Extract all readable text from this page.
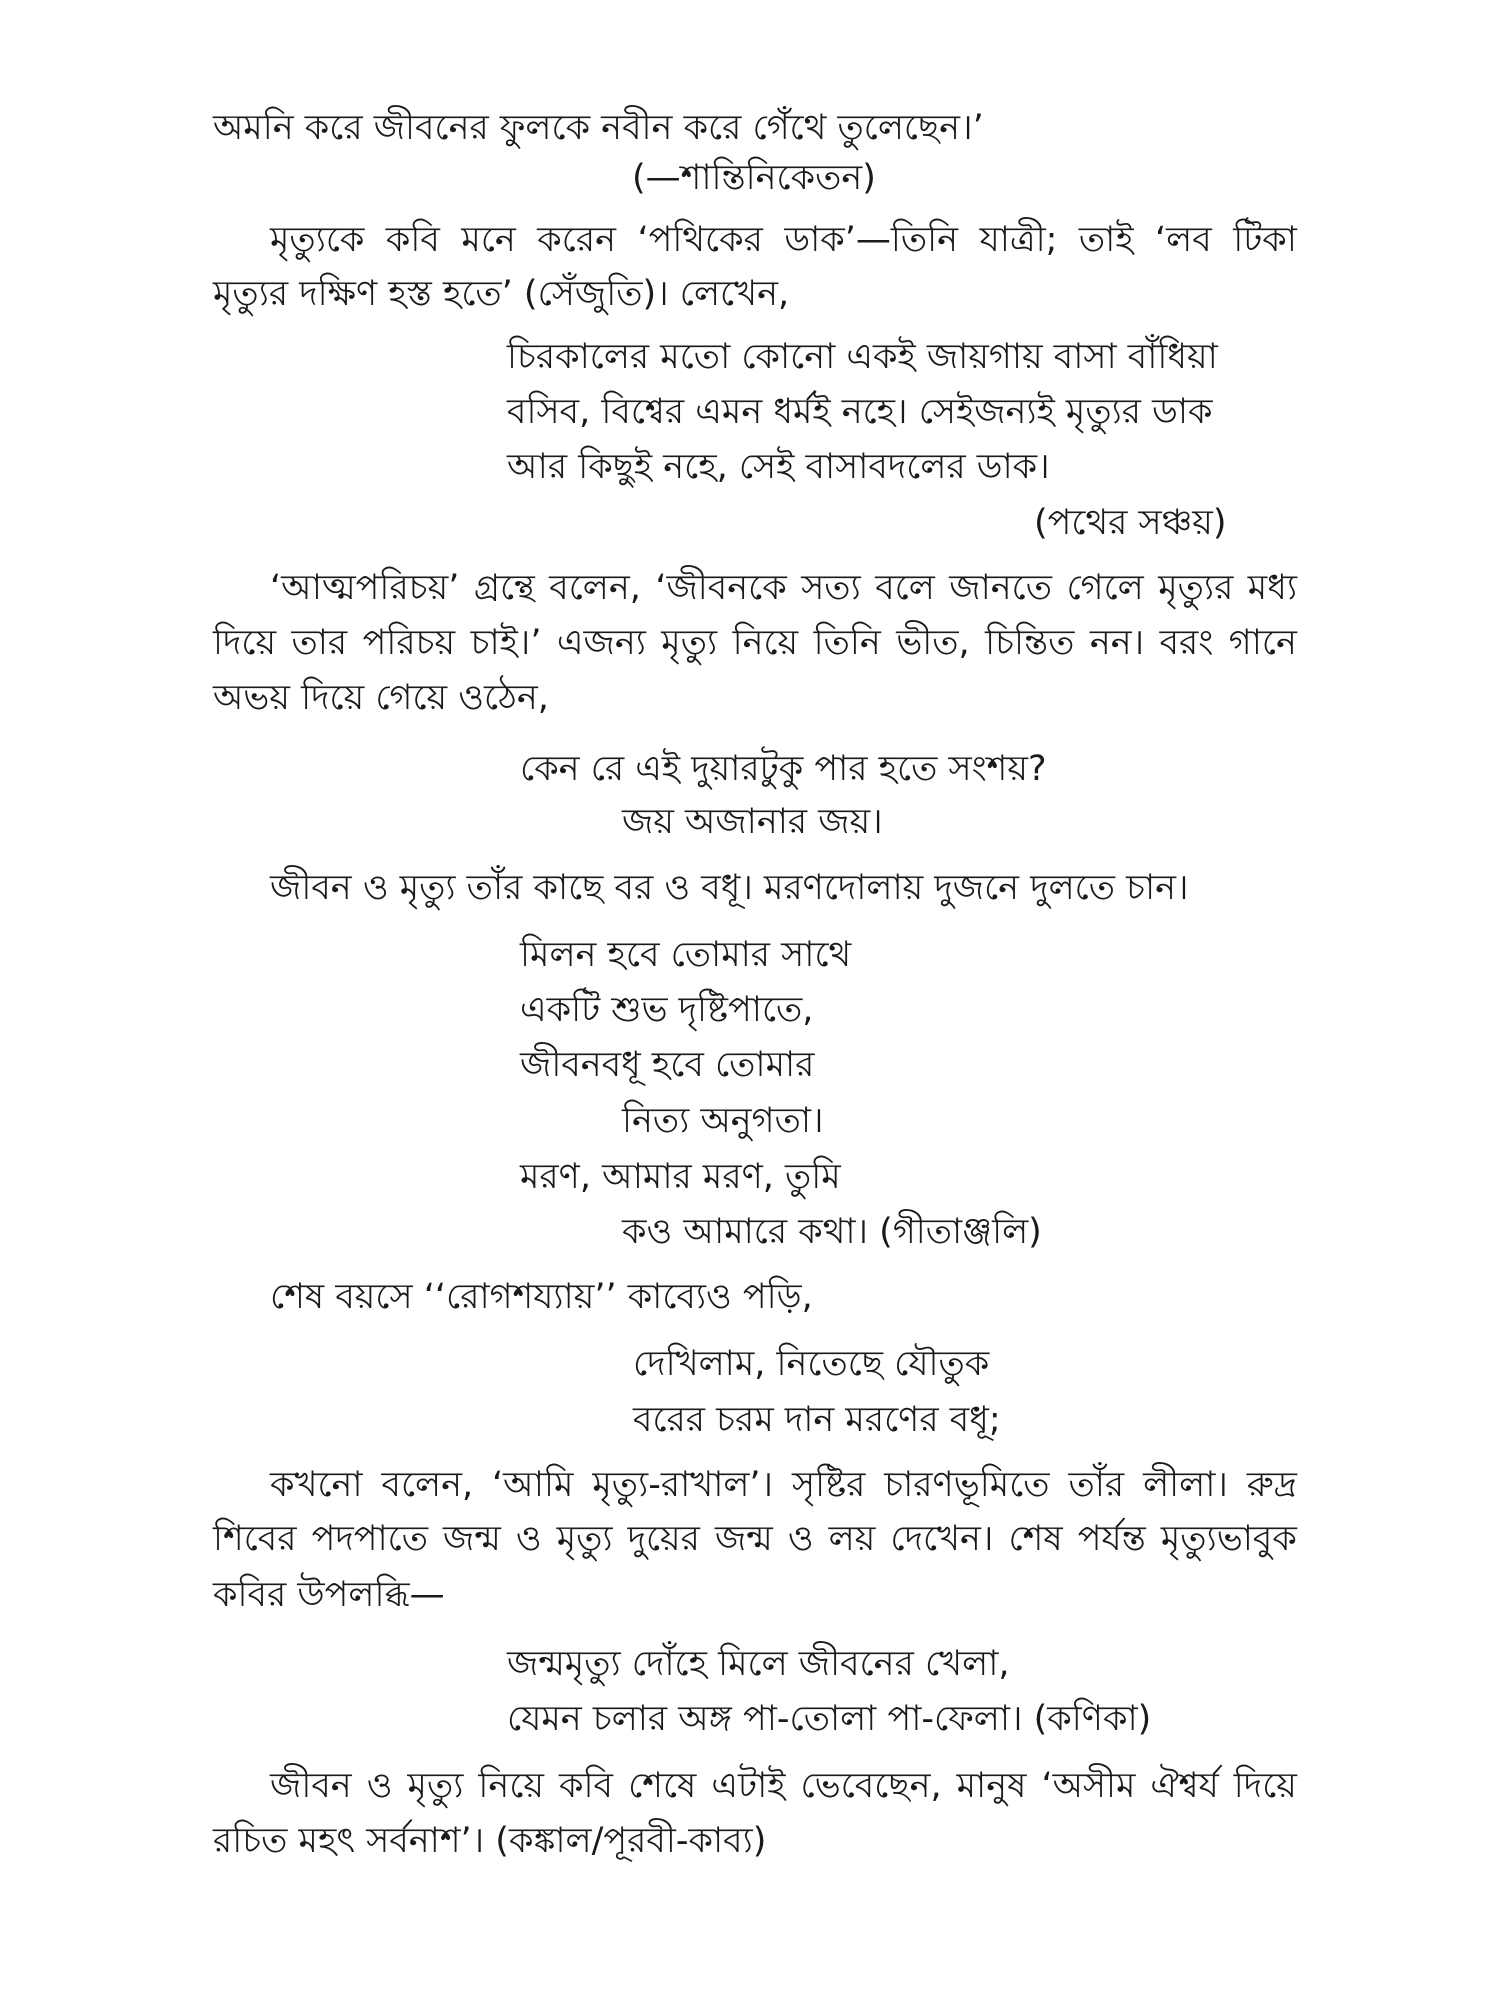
অমনি করে জীবনের ফুলকে নবীন করে গেঁথে তুলেছেন।’
(—শান্তিনিকেতন)
মৃত্যুকে কবি মনে করেন ‘পথিকের ডাক’—তিনি যাত্রী; তাই ‘লব টিকা
মৃত্যুর দক্ষিণ হস্ত হতে’ (সেঁজুতি)। লেখেন,
চিরকালের মতো কোনো একই জায়গায় বাসা বাঁধিয়া
বসিব, বিশ্বের এমন ধর্মই নহে। সেইজন্যই মৃত্যুর ডাক
আর কিছুই নহে, সেই বাসাবদলের ডাক।
(পথের সঞ্চয়)
‘আত্মপরিচয়’ গ্রন্থে বলেন, ‘জীবনকে সত্য বলে জানতে গেলে মৃত্যুর মধ্য
দিয়ে তার পরিচয় চাই।’ এজন্য মৃত্যু নিয়ে তিনি ভীত, চিন্তিত নন। বরং গানে
অভয় দিয়ে গেয়ে ওঠেন,
কেন রে এই দুয়ারটুকু পার হতে সংশয়?
জয় অজানার জয়।
জীবন ও মৃত্যু তাঁর কাছে বর ও বধূ। মরণদোলায় দুজনে দুলতে চান।
মিলন হবে তোমার সাথে
একটি শুভ দৃষ্টিপাতে,
জীবনবধূ হবে তোমার
নিত্য অনুগতা।
মরণ, আমার মরণ, তুমি
কও আমারে কথা। (গীতাঞ্জলি)
শেষ বয়সে ‘‘রোগশয্যায়’’ কাব্যেও পড়ি,
দেখিলাম, নিতেছে যৌতুক
বরের চরম দান মরণের বধূ;
কখনো বলেন, ‘আমি মৃত্যু-রাখাল’। সৃষ্টির চারণভূমিতে তাঁর লীলা। রুদ্র
শিবের পদপাতে জন্ম ও মৃত্যু দুয়ের জন্ম ও লয় দেখেন। শেষ পর্যন্ত মৃত্যুভাবুক
কবির উপলব্ধি—
জন্মমৃত্যু দোঁহে মিলে জীবনের খেলা,
যেমন চলার অঙ্গ পা-তোলা পা-ফেলা। (কণিকা)
জীবন ও মৃত্যু নিয়ে কবি শেষে এটাই ভেবেছেন, মানুষ ‘অসীম ঐশ্বর্য দিয়ে
রচিত মহৎ সর্বনাশ’। (কঙ্কাল/পূরবী-কাব্য)
